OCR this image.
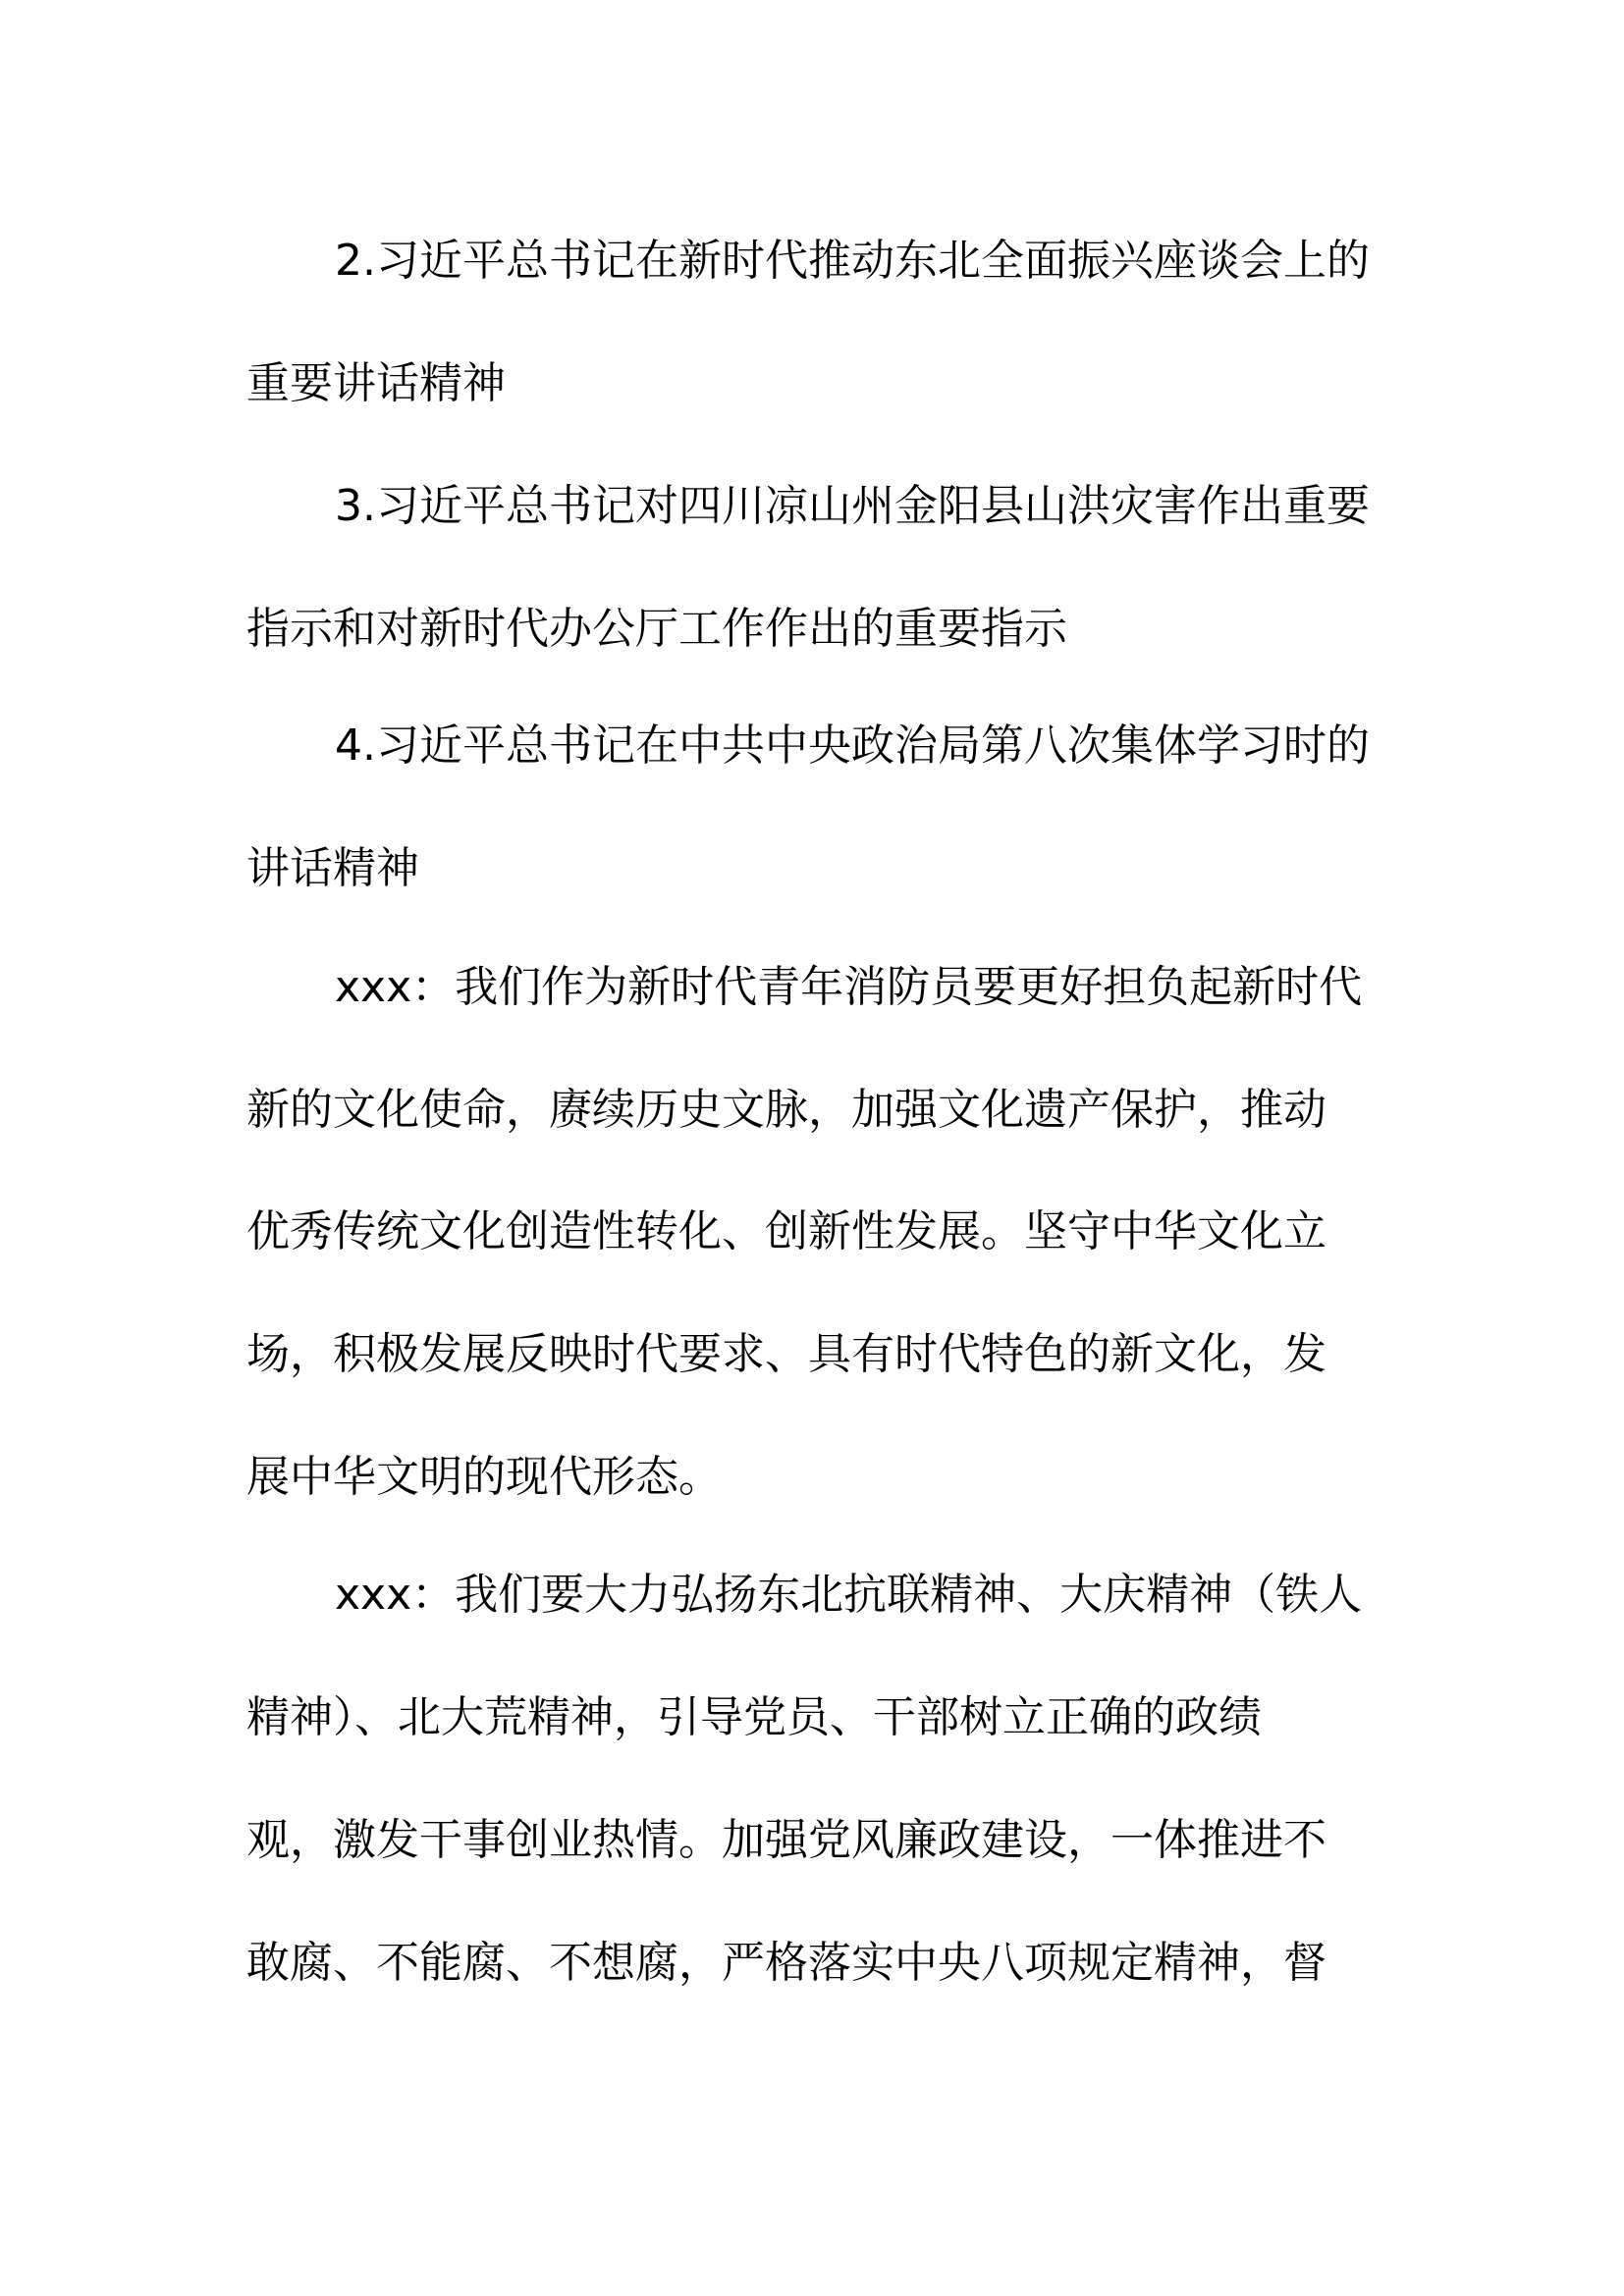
2.习近平总书记在新时代推动东北全面振兴座谈会上的
重要讲话精神
3.习近平总书记对四川凉山州金阳县山洪灾害作出重要
指示和对新时代办公厅工作作出的重要指示
4.习近平总书记在中共中央政治局第八次集体学习时的
讲话精神
xxx：我们作为新时代青年消防员要更好担负起新时代
新的文化使命，赓续历史文脉，加强文化遗产保护，推动
优秀传统文化创造性转化、创新性发展。坚守中华文化立
场，积极发展反映时代要求、具有时代特色的新文化，发
展中华文明的现代形态。
xxx：我们要大力弘扬东北抗联精神、大庆精神（铁人
精神）、北大荒精神，引导党员、干部树立正确的政绩
观，激发干事创业热情。加强党风廉政建设，一体推进不
敢腐、不能腐、不想腐，严格落实中央八项规定精神，督
